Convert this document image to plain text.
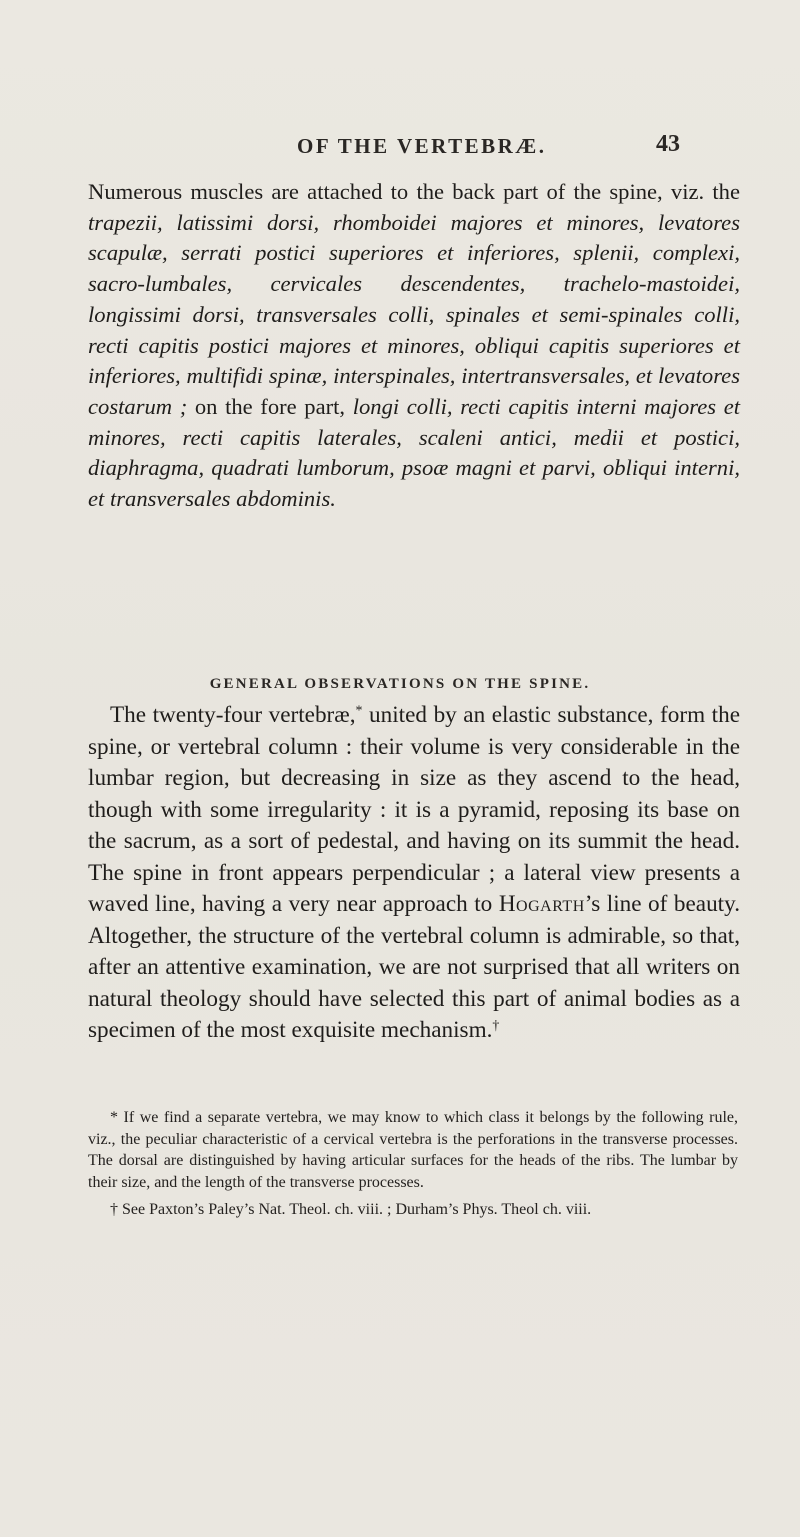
OF THE VERTEBRÆ.	43

Numerous muscles are attached to the back part of the spine, viz. the trapezii, latissimi dorsi, rhomboidei majores et minores, levatores scapulæ, serrati postici superiores et inferiores, splenii, complexi, sacro-lumbales, cervicales descendentes, trachelo-mastoidei, longissimi dorsi, transversales colli, spinales et semi-spinales colli, recti capitis postici majores et minores, obliqui capitis superiores et inferiores, multifidi spinæ, interspinales, intertransversales, et levatores costarum ; on the fore part, longi colli, recti capitis interni majores et minores, recti capitis laterales, scaleni antici, medii et postici, diaphragma, quadrati lumborum, psoæ magni et parvi, obliqui interni, et transversales abdominis.

GENERAL OBSERVATIONS ON THE SPINE.

The twenty-four vertebræ,* united by an elastic substance, form the spine, or vertebral column : their volume is very considerable in the lumbar region, but decreasing in size as they ascend to the head, though with some irregularity : it is a pyramid, reposing its base on the sacrum, as a sort of pedestal, and having on its summit the head. The spine in front appears perpendicular ; a lateral view presents a waved line, having a very near approach to Hogarth’s line of beauty. Altogether, the structure of the vertebral column is admirable, so that, after an attentive examination, we are not surprised that all writers on natural theology should have selected this part of animal bodies as a specimen of the most exquisite mechanism.†

* If we find a separate vertebra, we may know to which class it belongs by the following rule, viz., the peculiar characteristic of a cervical vertebra is the perforations in the transverse processes. The dorsal are distinguished by having articular surfaces for the heads of the ribs. The lumbar by their size, and the length of the transverse processes.

† See Paxton’s Paley’s Nat. Theol. ch. viii. ; Durham’s Phys. Theol ch. viii.
